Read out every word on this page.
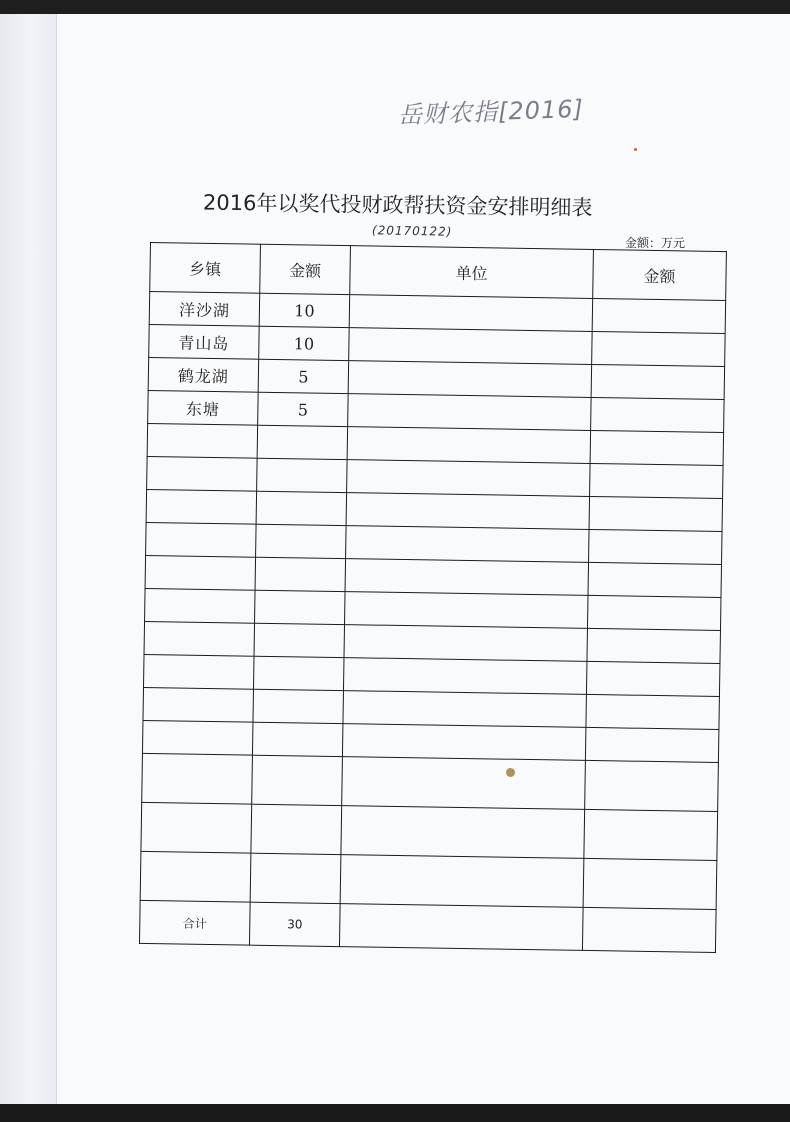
岳财农指[2016]
2016年以奖代投财政帮扶资金安排明细表
(20170122)
金额：万元
乡镇	金额	单位	金额
洋沙湖	10		
青山岛	10		
鹤龙湖	5		
东塘	5		

合计	30		
